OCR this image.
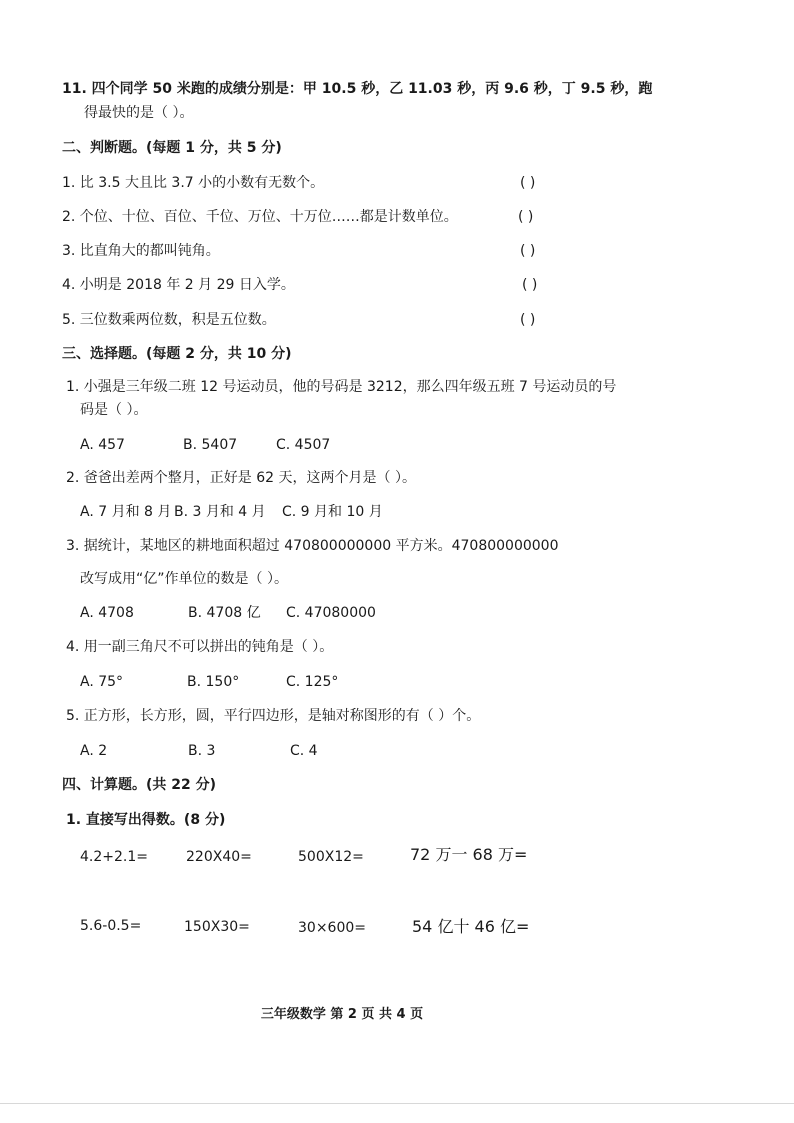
11. 四个同学 50 米跑的成绩分别是：甲 10.5 秒，乙 11.03 秒，丙 9.6 秒，丁 9.5 秒，跑
得最快的是（ ）。
二、判断题。(每题 1 分，共 5 分)
1. 比 3.5 大且比 3.7 小的小数有无数个。	( )
2. 个位、十位、百位、千位、万位、十万位……都是计数单位。	( )
3. 比直角大的都叫钝角。	( )
4. 小明是 2018 年 2 月 29 日入学。	( )
5. 三位数乘两位数，积是五位数。	( )
三、选择题。(每题 2 分，共 10 分)
1. 小强是三年级二班 12 号运动员，他的号码是 3212，那么四年级五班 7 号运动员的号
码是（ ）。
A. 457	B. 5407	C. 4507
2. 爸爸出差两个整月，正好是 62 天，这两个月是（ ）。
A. 7 月和 8 月 B. 3 月和 4 月 C. 9 月和 10 月
3. 据统计，某地区的耕地面积超过 470800000000 平方米。470800000000
改写成用“亿”作单位的数是（ ）。
A. 4708	B. 4708 亿 C. 47080000
4. 用一副三角尺不可以拼出的钝角是（ ）。
A. 75°	B. 150°	C. 125°
5. 正方形，长方形，圆，平行四边形，是轴对称图形的有（ ）个。
A. 2	B. 3	C. 4
四、计算题。(共 22 分)
1. 直接写出得数。(8 分)
4.2+2.1=	220X40=	500X12=	72 万一 68 万=
5.6-0.5=	150X30=	30×600=	54 亿十 46 亿=
三年级数学 第 2 页 共 4 页
